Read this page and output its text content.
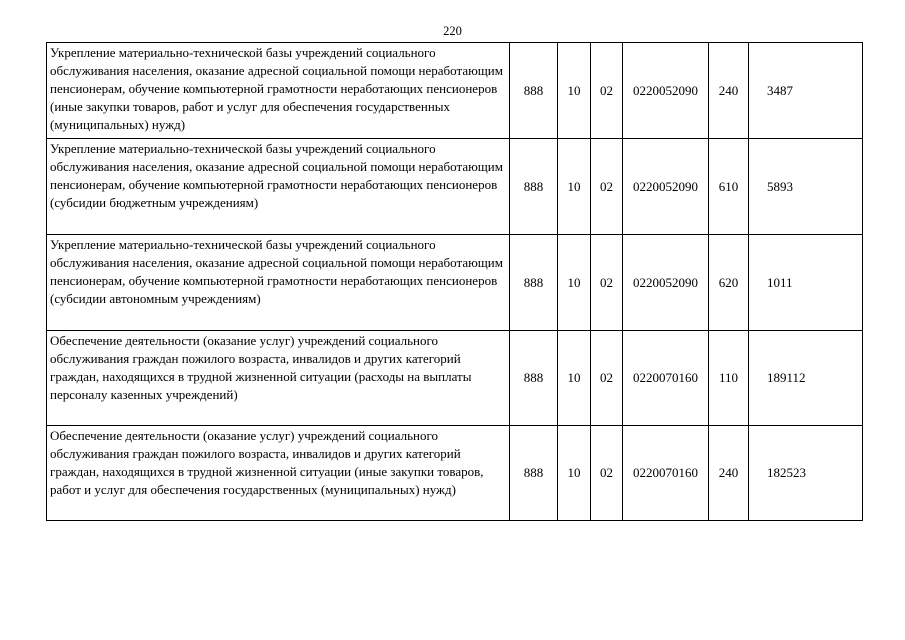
220
Укрепление материально-технической базы учреждений социального обслуживания населения, оказание адресной социальной помощи неработающим пенсионерам, обучение компьютерной грамотности неработающих пенсионеров (иные закупки товаров, работ и услуг для обеспечения государственных (муниципальных) нужд)	888	10	02	0220052090	240	3487
Укрепление материально-технической базы учреждений социального обслуживания населения, оказание адресной социальной помощи неработающим пенсионерам, обучение компьютерной грамотности неработающих пенсионеров (субсидии бюджетным учреждениям)	888	10	02	0220052090	610	5893
Укрепление материально-технической базы учреждений социального обслуживания населения, оказание адресной социальной помощи неработающим пенсионерам, обучение компьютерной грамотности неработающих пенсионеров (субсидии автономным учреждениям)	888	10	02	0220052090	620	1011
Обеспечение деятельности (оказание услуг) учреждений социального обслуживания граждан пожилого возраста, инвалидов и других категорий граждан, находящихся в трудной жизненной ситуации (расходы на выплаты персоналу казенных учреждений)	888	10	02	0220070160	110	189112
Обеспечение деятельности (оказание услуг) учреждений социального обслуживания граждан пожилого возраста, инвалидов и других категорий граждан, находящихся в трудной жизненной ситуации (иные закупки товаров, работ и услуг для обеспечения государственных (муниципальных) нужд)	888	10	02	0220070160	240	182523
